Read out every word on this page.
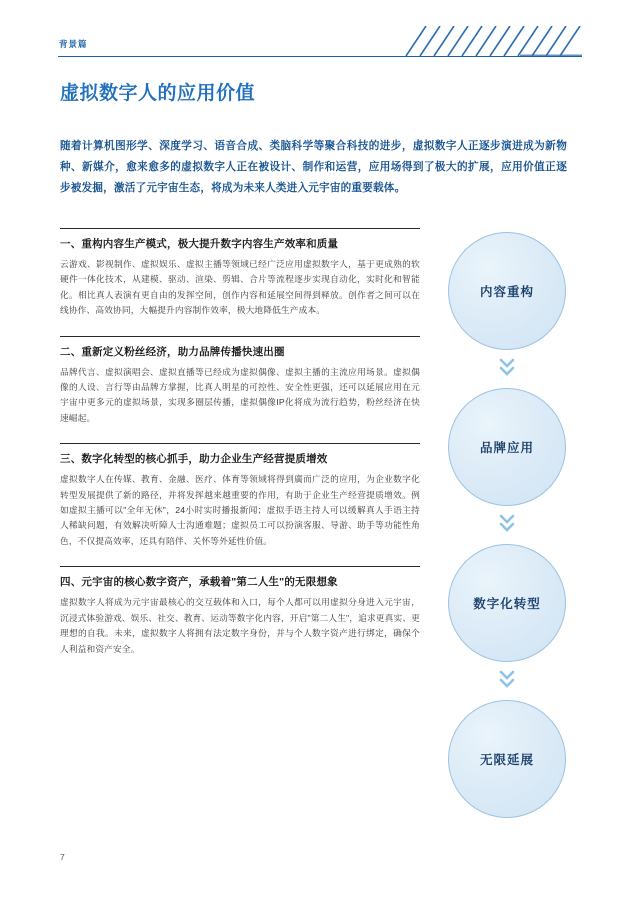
背景篇
虚拟数字人的应用价值
随着计算机图形学、深度学习、语音合成、类脑科学等聚合科技的进步，虚拟数字人正逐步演进成为新物种、新媒介，愈来愈多的虚拟数字人正在被设计、制作和运营，应用场得到了极大的扩展，应用价值正逐步被发掘，激活了元宇宙生态，将成为未来人类进入元宇宙的重要载体。
一、重构内容生产模式，极大提升数字内容生产效率和质量
云游戏、影视制作、虚拟娱乐、虚拟主播等领域已经广泛应用虚拟数字人，基于更成熟的软硬件一体化技术，从建模、驱动、渲染、剪辑、合片等流程逐步实现自动化，实时化和智能化。相比真人表演有更自由的发挥空间，创作内容和延展空间得到释放。创作者之间可以在线协作、高效协同，大幅提升内容制作效率，极大地降低生产成本。
二、重新定义粉丝经济，助力品牌传播快速出圈
品牌代言、虚拟演唱会、虚拟直播等已经成为虚拟偶像、虚拟主播的主流应用场景。虚拟偶像的人设、言行等由品牌方掌握，比真人明星的可控性、安全性更强，还可以延展应用在元宇宙中更多元的虚拟场景，实现多圈层传播，虚拟偶像IP化将成为流行趋势，粉丝经济在快速崛起。
三、数字化转型的核心抓手，助力企业生产经营提质增效
虚拟数字人在传媒、教育、金融、医疗、体育等领域将得到廣而广泛的应用，为企业数字化转型发展提供了新的路径，并将发挥越来越重要的作用，有助于企业生产经营提质增效。例如虚拟主播可以"全年无休"，24小时实时播报新闻；虚拟手语主持人可以缓解真人手语主持人稀缺问题，有效解决听障人士沟通难题；虚拟员工可以扮演客服、导游、助手等功能性角色，不仅提高效率，还具有陪伴、关怀等外延性价值。
四、元宇宙的核心数字资产，承载着"第二人生"的无限想象
虚拟数字人将成为元宇宙最核心的交互载体和入口，每个人都可以用虚拟分身进入元宇宙，沉浸式体验游戏、娱乐、社交、教育、运动等数字化内容，开启"第二人生"，追求更真实、更理想的自我。未来，虚拟数字人将拥有法定数字身份，并与个人数字资产进行绑定，确保个人利益和资产安全。
内容重构
品牌应用
数字化转型
无限延展
7
